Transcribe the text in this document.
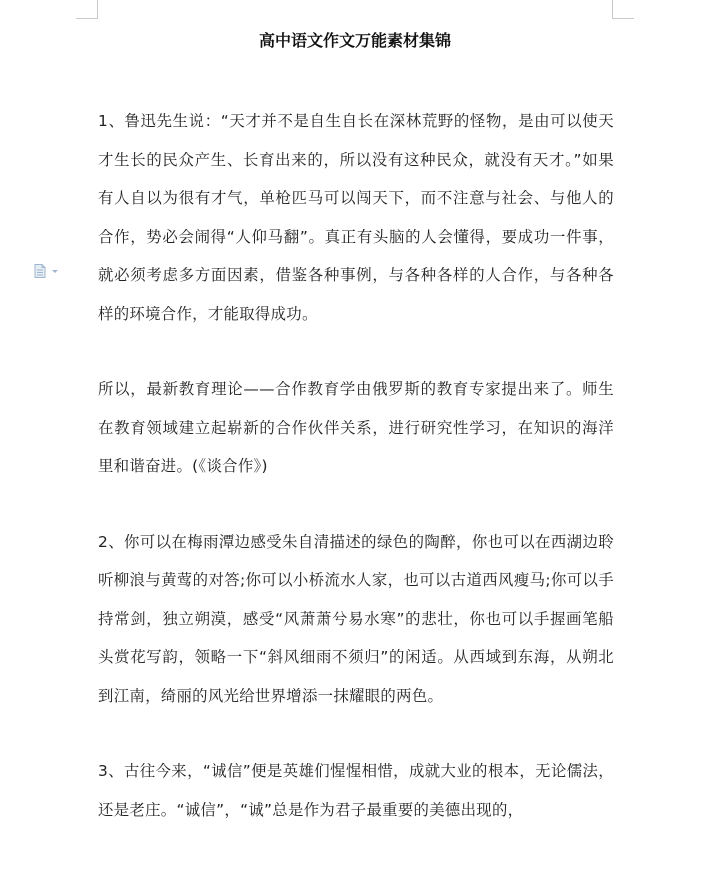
高中语文作文万能素材集锦

1、鲁迅先生说：“天才并不是自生自长在深林荒野的怪物，是由可以使天才生长的民众产生、长育出来的，所以没有这种民众，就没有天才。”如果有人自以为很有才气，单枪匹马可以闯天下，而不注意与社会、与他人的合作，势必会闹得“人仰马翻”。真正有头脑的人会懂得，要成功一件事，就必须考虑多方面因素，借鉴各种事例，与各种各样的人合作，与各种各样的环境合作，才能取得成功。

所以，最新教育理论——合作教育学由俄罗斯的教育专家提出来了。师生在教育领域建立起崭新的合作伙伴关系，进行研究性学习，在知识的海洋里和谐奋进。(《谈合作》)

2、你可以在梅雨潭边感受朱自清描述的绿色的陶醉，你也可以在西湖边聆听柳浪与黄莺的对答;你可以小桥流水人家，也可以古道西风瘦马;你可以手持常剑，独立朔漠，感受“风萧萧兮易水寒”的悲壮，你也可以手握画笔船头赏花写韵，领略一下“斜风细雨不须归”的闲适。从西域到东海，从朔北到江南，绮丽的风光给世界增添一抹耀眼的两色。

3、古往今来，“诚信”便是英雄们惺惺相惜，成就大业的根本，无论儒法，还是老庄。“诚信”，“诚”总是作为君子最重要的美德出现的，
